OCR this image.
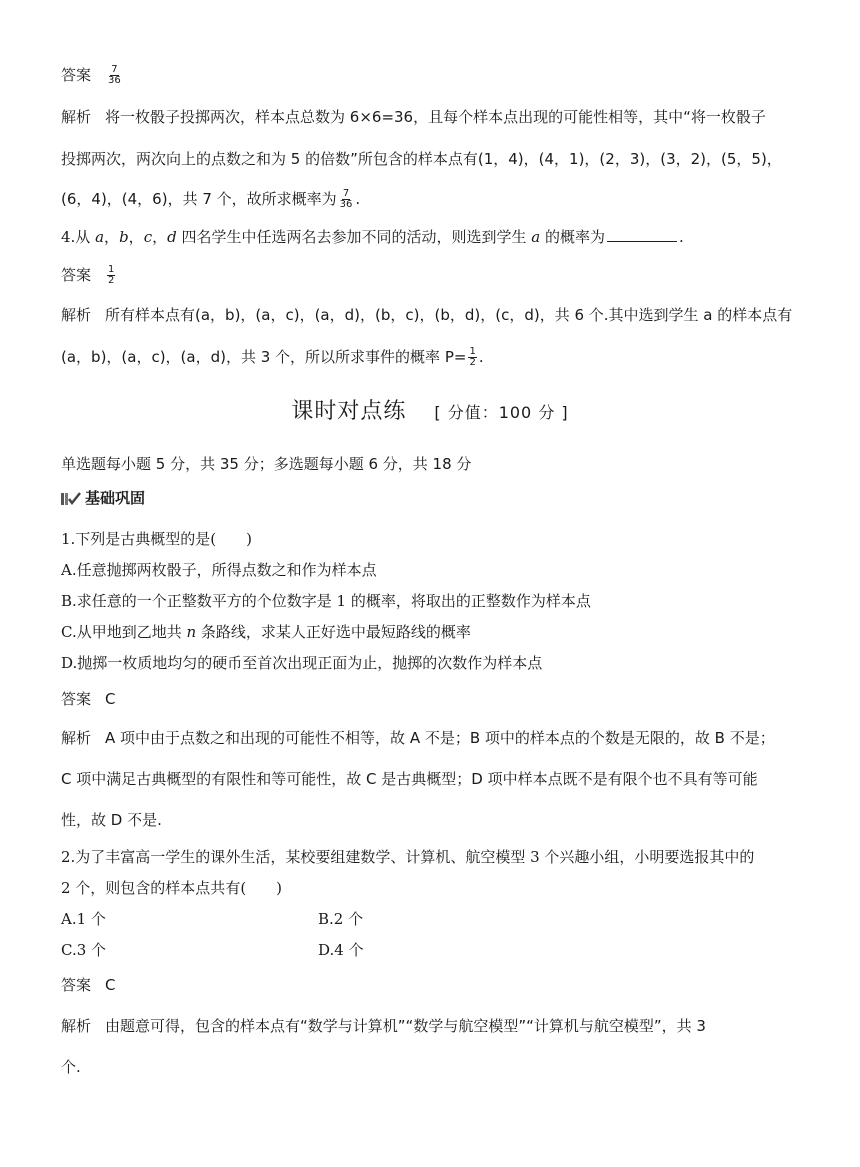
答案 $\frac{7}{36}$
解析 将一枚骰子投掷两次，样本点总数为 6×6=36，且每个样本点出现的可能性相等，其中“将一枚骰子
投掷两次，两次向上的点数之和为 5 的倍数”所包含的样本点有(1，4)，(4，1)，(2，3)，(3，2)，(5，5)，
(6，4)，(4，6)，共 7 个，故所求概率为 $\frac{7}{36}$ .
4.从 a，b，c，d 四名学生中任选两名去参加不同的活动，则选到学生 a 的概率为	.
答案 $\frac{1}{2}$
解析 所有样本点有(a，b)，(a，c)，(a，d)，(b，c)，(b，d)，(c，d)，共 6 个.其中选到学生 a 的样本点有
(a，b)，(a，c)，(a，d)，共 3 个，所以所求事件的概率 $P= \frac{1}{2}$ .
课时对点练 [ 分值：100 分 ]
单选题每小题 5 分，共 35 分；多选题每小题 6 分，共 18 分
基础巩固
1.下列是古典概型的是(　　)
A.任意抛掷两枚骰子，所得点数之和作为样本点
B.求任意的一个正整数平方的个位数字是 1 的概率，将取出的正整数作为样本点
C.从甲地到乙地共 n 条路线，求某人正好选中最短路线的概率
D.抛掷一枚质地均匀的硬币至首次出现正面为止，抛掷的次数作为样本点
答案 C
解析 A 项中由于点数之和出现的可能性不相等，故 A 不是；B 项中的样本点的个数是无限的，故 B 不是；
C 项中满足古典概型的有限性和等可能性，故 C 是古典概型；D 项中样本点既不是有限个也不具有等可能
性，故 D 不是.
2.为了丰富高一学生的课外生活，某校要组建数学、计算机、航空模型 3 个兴趣小组，小明要选报其中的
2 个，则包含的样本点共有(　　)
A.1 个	B.2 个
C.3 个	D.4 个
答案 C
解析 由题意可得，包含的样本点有“数学与计算机”“数学与航空模型”“计算机与航空模型”，共 3
个.
